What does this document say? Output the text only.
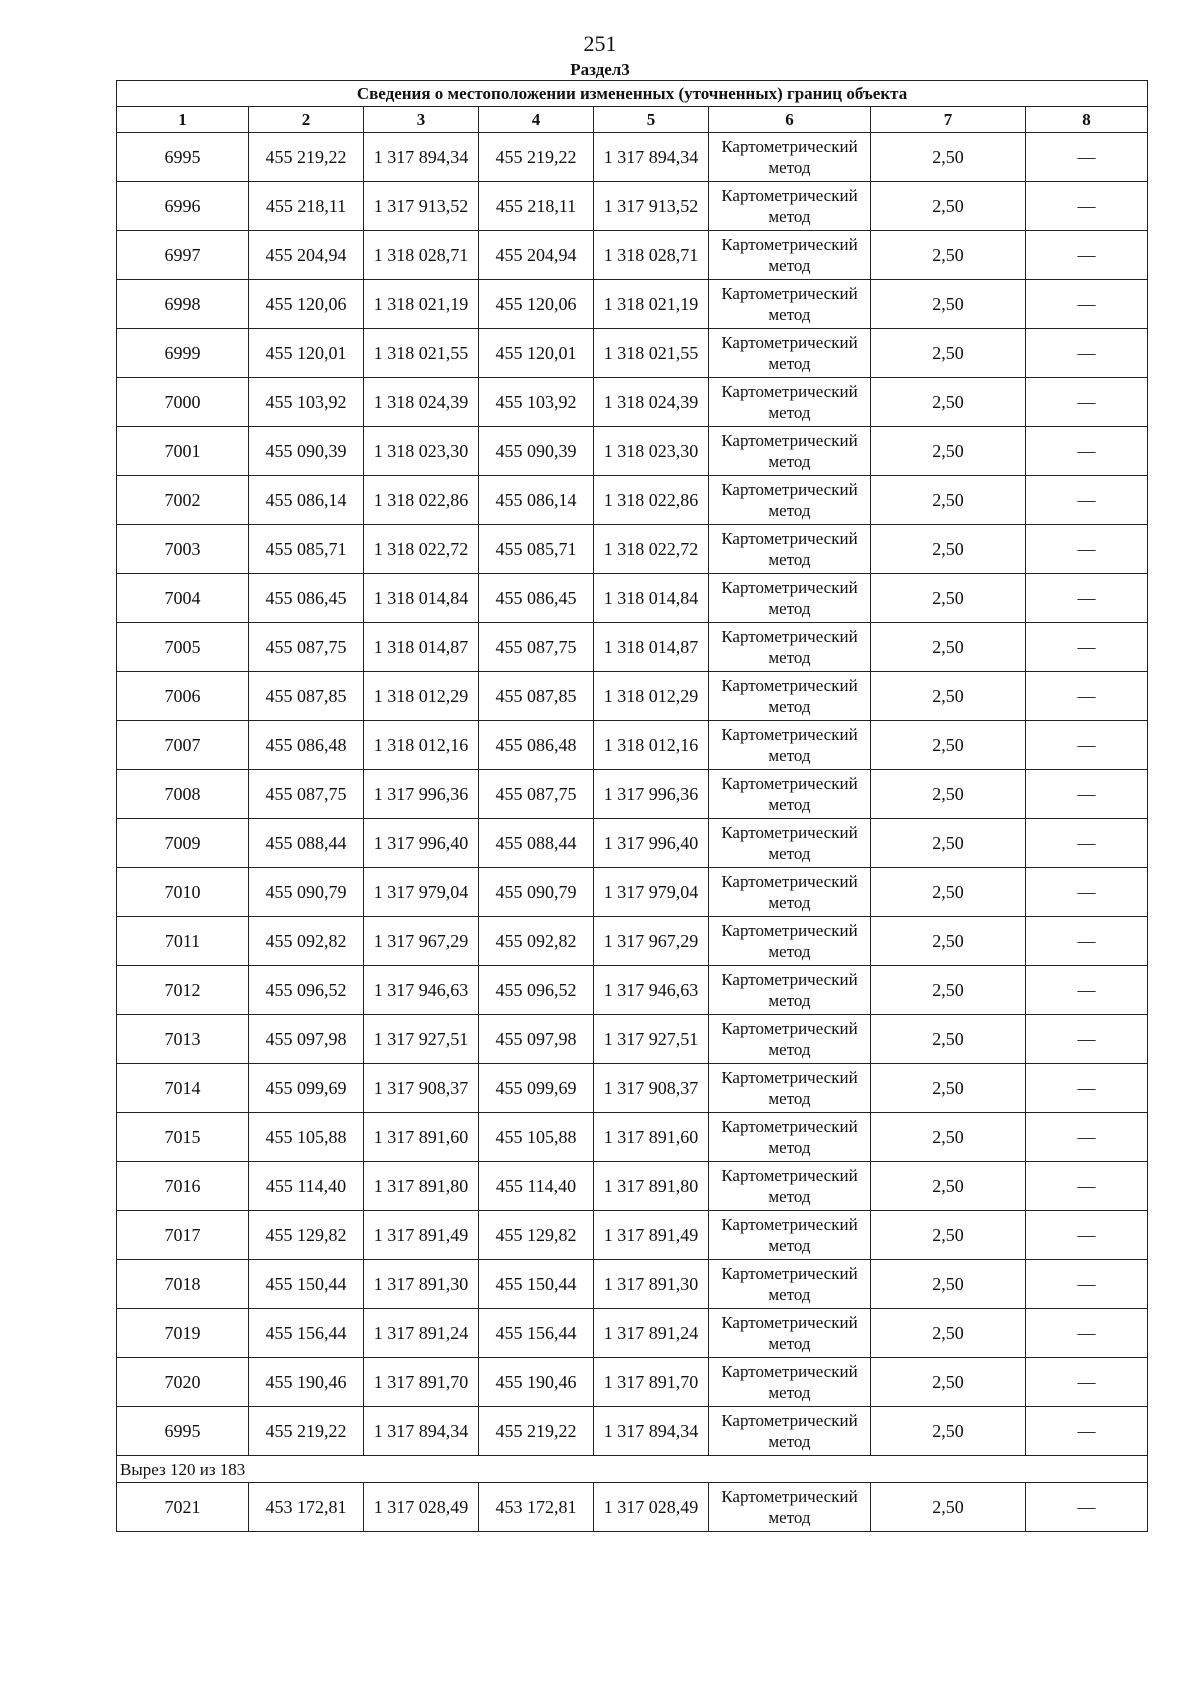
251
Раздел3
Сведения о местоположении измененных (уточненных) границ объекта							
1	2	3	4	5	6	7	8
6995	455 219,22	1 317 894,34	455 219,22	1 317 894,34	Картометрический метод	2,50	—
6996	455 218,11	1 317 913,52	455 218,11	1 317 913,52	Картометрический метод	2,50	—
6997	455 204,94	1 318 028,71	455 204,94	1 318 028,71	Картометрический метод	2,50	—
6998	455 120,06	1 318 021,19	455 120,06	1 318 021,19	Картометрический метод	2,50	—
6999	455 120,01	1 318 021,55	455 120,01	1 318 021,55	Картометрический метод	2,50	—
7000	455 103,92	1 318 024,39	455 103,92	1 318 024,39	Картометрический метод	2,50	—
7001	455 090,39	1 318 023,30	455 090,39	1 318 023,30	Картометрический метод	2,50	—
7002	455 086,14	1 318 022,86	455 086,14	1 318 022,86	Картометрический метод	2,50	—
7003	455 085,71	1 318 022,72	455 085,71	1 318 022,72	Картометрический метод	2,50	—
7004	455 086,45	1 318 014,84	455 086,45	1 318 014,84	Картометрический метод	2,50	—
7005	455 087,75	1 318 014,87	455 087,75	1 318 014,87	Картометрический метод	2,50	—
7006	455 087,85	1 318 012,29	455 087,85	1 318 012,29	Картометрический метод	2,50	—
7007	455 086,48	1 318 012,16	455 086,48	1 318 012,16	Картометрический метод	2,50	—
7008	455 087,75	1 317 996,36	455 087,75	1 317 996,36	Картометрический метод	2,50	—
7009	455 088,44	1 317 996,40	455 088,44	1 317 996,40	Картометрический метод	2,50	—
7010	455 090,79	1 317 979,04	455 090,79	1 317 979,04	Картометрический метод	2,50	—
7011	455 092,82	1 317 967,29	455 092,82	1 317 967,29	Картометрический метод	2,50	—
7012	455 096,52	1 317 946,63	455 096,52	1 317 946,63	Картометрический метод	2,50	—
7013	455 097,98	1 317 927,51	455 097,98	1 317 927,51	Картометрический метод	2,50	—
7014	455 099,69	1 317 908,37	455 099,69	1 317 908,37	Картометрический метод	2,50	—
7015	455 105,88	1 317 891,60	455 105,88	1 317 891,60	Картометрический метод	2,50	—
7016	455 114,40	1 317 891,80	455 114,40	1 317 891,80	Картометрический метод	2,50	—
7017	455 129,82	1 317 891,49	455 129,82	1 317 891,49	Картометрический метод	2,50	—
7018	455 150,44	1 317 891,30	455 150,44	1 317 891,30	Картометрический метод	2,50	—
7019	455 156,44	1 317 891,24	455 156,44	1 317 891,24	Картометрический метод	2,50	—
7020	455 190,46	1 317 891,70	455 190,46	1 317 891,70	Картометрический метод	2,50	—
6995	455 219,22	1 317 894,34	455 219,22	1 317 894,34	Картометрический метод	2,50	—
Вырез 120 из 183							
7021	453 172,81	1 317 028,49	453 172,81	1 317 028,49	Картометрический метод	2,50	—
